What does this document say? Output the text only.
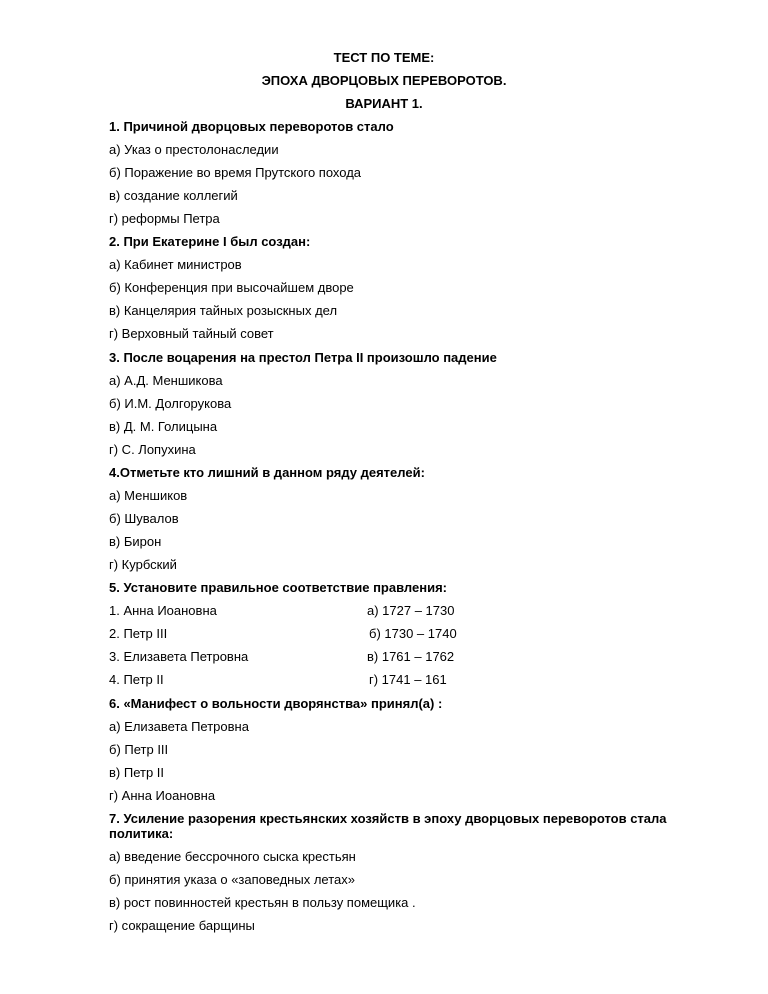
ТЕСТ ПО ТЕМЕ:
ЭПОХА ДВОРЦОВЫХ ПЕРЕВОРОТОВ.
ВАРИАНТ 1.
1. Причиной дворцовых переворотов стало
а) Указ о престолонаследии
б) Поражение во время Прутского похода
в) создание коллегий
г) реформы Петра
2. При Екатерине I был создан:
а) Кабинет министров
б) Конференция при высочайшем дворе
в) Канцелярия тайных розыскных дел
г) Верховный тайный совет
3. После воцарения на престол Петра II произошло падение
а) А.Д. Меншикова
б) И.М. Долгорукова
в) Д. М. Голицына
г) С. Лопухина
4.Отметьте кто лишний в данном ряду деятелей:
а) Меншиков
б) Шувалов
в) Бирон
г) Курбский
5. Установите правильное соответствие правления:
1. Анна Иоановна	а) 1727 – 1730
2. Петр III	б) 1730 – 1740
3. Елизавета Петровна	в) 1761 – 1762
4. Петр II	г) 1741 – 161
6. «Манифест о вольности дворянства» принял(а) :
а) Елизавета Петровна
б) Петр III
в) Петр II
г) Анна Иоановна
7. Усиление разорения крестьянских хозяйств в эпоху дворцовых переворотов стала политика:
а) введение бессрочного сыска крестьян
б) принятия указа о «заповедных летах»
в) рост повинностей крестьян в пользу помещика .
г) сокращение барщины
